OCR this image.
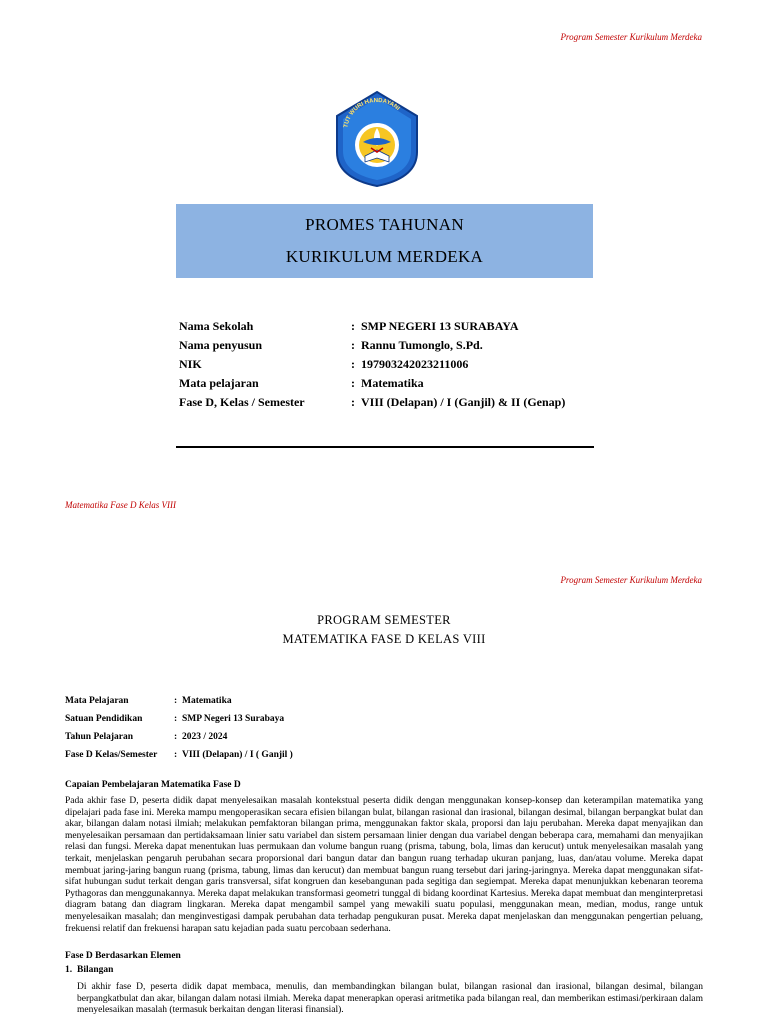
Program Semester Kurikulum Merdeka
TUT WURI HANDAYANI
PROMES TAHUNAN
KURIKULUM MERDEKA
Nama Sekolah	: SMP NEGERI 13 SURABAYA
Nama penyusun	: Rannu Tumonglo, S.Pd.
NIK	: 197903242023211006
Mata pelajaran	: Matematika
Fase D, Kelas / Semester	: VIII (Delapan) / I (Ganjil) & II (Genap)
Matematika Fase D Kelas VIII
Program Semester Kurikulum Merdeka
PROGRAM SEMESTER
MATEMATIKA FASE D KELAS VIII
Mata Pelajaran	: Matematika
Satuan Pendidikan	: SMP Negeri 13 Surabaya
Tahun Pelajaran	: 2023 / 2024
Fase D Kelas/Semester : VIII (Delapan) / I ( Ganjil )
Capaian Pembelajaran Matematika Fase D
Pada akhir fase D, peserta didik dapat menyelesaikan masalah kontekstual peserta didik dengan menggunakan konsep-konsep dan keterampilan matematika yang dipelajari pada fase ini. Mereka mampu mengoperasikan secara efisien bilangan bulat, bilangan rasional dan irasional, bilangan desimal, bilangan berpangkat bulat dan akar, bilangan dalam notasi ilmiah; melakukan pemfaktoran bilangan prima, menggunakan faktor skala, proporsi dan laju perubahan. Mereka dapat menyajikan dan menyelesaikan persamaan dan pertidaksamaan linier satu variabel dan sistem persamaan linier dengan dua variabel dengan beberapa cara, memahami dan menyajikan relasi dan fungsi. Mereka dapat menentukan luas permukaan dan volume bangun ruang (prisma, tabung, bola, limas dan kerucut) untuk menyelesaikan masalah yang terkait, menjelaskan pengaruh perubahan secara proporsional dari bangun datar dan bangun ruang terhadap ukuran panjang, luas, dan/atau volume. Mereka dapat membuat jaring-jaring bangun ruang (prisma, tabung, limas dan kerucut) dan membuat bangun ruang tersebut dari jaring-jaringnya. Mereka dapat menggunakan sifat-sifat hubungan sudut terkait dengan garis transversal, sifat kongruen dan kesebangunan pada segitiga dan segiempat. Mereka dapat menunjukkan kebenaran teorema Pythagoras dan menggunakannya. Mereka dapat melakukan transformasi geometri tunggal di bidang koordinat Kartesius. Mereka dapat membuat dan menginterpretasi diagram batang dan diagram lingkaran. Mereka dapat mengambil sampel yang mewakili suatu populasi, menggunakan mean, median, modus, range untuk menyelesaikan masalah; dan menginvestigasi dampak perubahan data terhadap pengukuran pusat. Mereka dapat menjelaskan dan menggunakan pengertian peluang, frekuensi relatif dan frekuensi harapan satu kejadian pada suatu percobaan sederhana.
Fase D Berdasarkan Elemen
1. Bilangan
Di akhir fase D, peserta didik dapat membaca, menulis, dan membandingkan bilangan bulat, bilangan rasional dan irasional, bilangan desimal, bilangan berpangkatbulat dan akar, bilangan dalam notasi ilmiah. Mereka dapat menerapkan operasi aritmetika pada bilangan real, dan memberikan estimasi/perkiraan dalam menyelesaikan masalah (termasuk berkaitan dengan literasi finansial).
